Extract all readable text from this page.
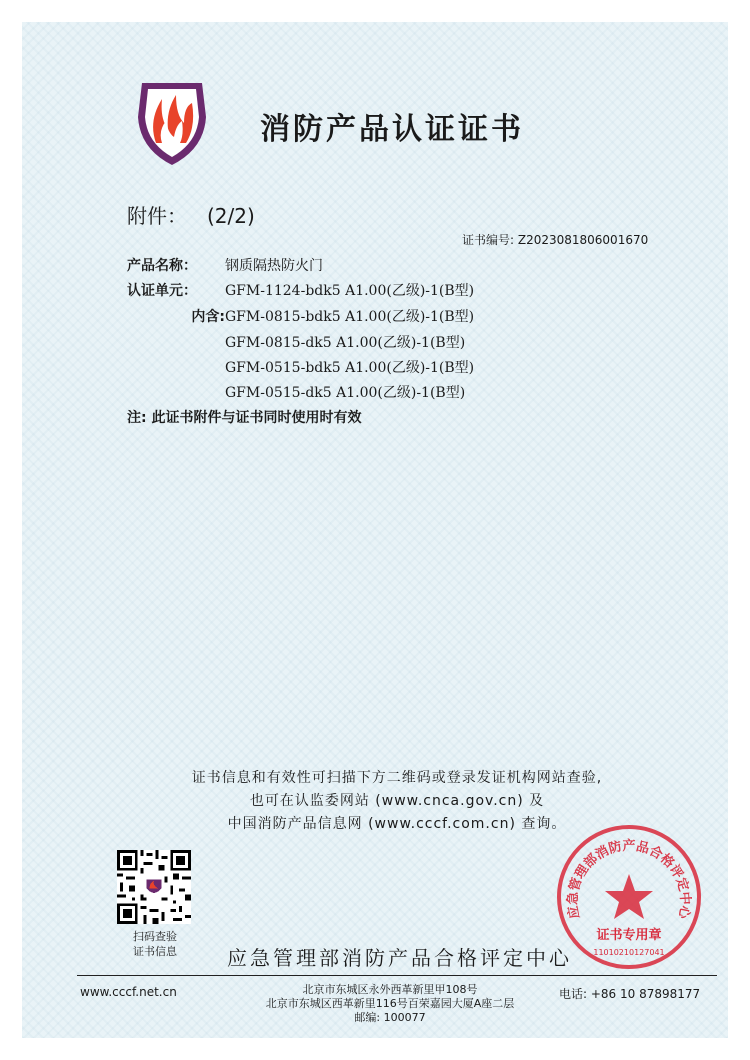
消防产品认证证书
附件： (2/2)
证书编号: Z2023081806001670
产品名称： 钢质隔热防火门
认证单元： GFM-1124-bdk5 A1.00(乙级)-1(B型)
内含:GFM-0815-bdk5 A1.00(乙级)-1(B型)
GFM-0815-dk5 A1.00(乙级)-1(B型)
GFM-0515-bdk5 A1.00(乙级)-1(B型)
GFM-0515-dk5 A1.00(乙级)-1(B型)
注: 此证书附件与证书同时使用时有效
证书信息和有效性可扫描下方二维码或登录发证机构网站查验,
也可在认监委网站 (www.cnca.gov.cn) 及
中国消防产品信息网 (www.cccf.com.cn) 查询。
扫码查验
证书信息	应急管理部消防产品合格评定中心
应急管理部消防产品合格评定中心
证书专用章
1101021012704​1
www.cccf.net.cn	北京市东城区永外西革新里甲108号
北京市东城区西革新里116号百荣嘉园大厦A座二层
邮编: 100077
电话: +86 10 87898177
